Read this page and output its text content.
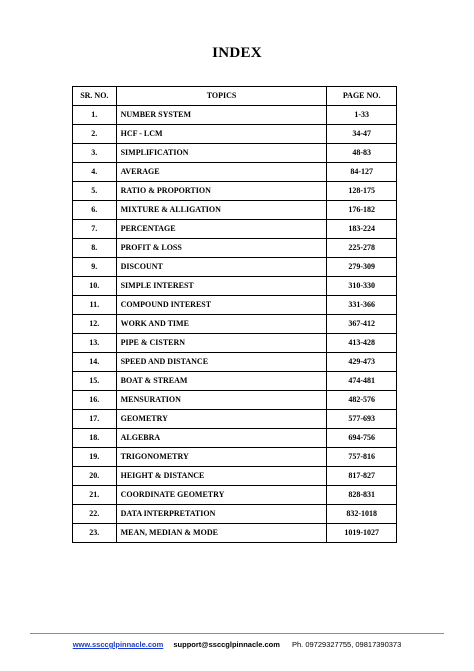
INDEX
SR. NO.	TOPICS	PAGE NO.
1.	NUMBER SYSTEM	1-33
2.	HCF - LCM	34-47
3.	SIMPLIFICATION	48-83
4.	AVERAGE	84-127
5.	RATIO & PROPORTION	128-175
6.	MIXTURE & ALLIGATION	176-182
7.	PERCENTAGE	183-224
8.	PROFIT & LOSS	225-278
9.	DISCOUNT	279-309
10.	SIMPLE INTEREST	310-330
11.	COMPOUND INTEREST	331-366
12.	WORK AND TIME	367-412
13.	PIPE & CISTERN	413-428
14.	SPEED AND DISTANCE	429-473
15.	BOAT & STREAM	474-481
16.	MENSURATION	482-576
17.	GEOMETRY	577-693
18.	ALGEBRA	694-756
19.	TRIGONOMETRY	757-816
20.	HEIGHT & DISTANCE	817-827
21.	COORDINATE GEOMETRY	828-831
22.	DATA INTERPRETATION	832-1018
23.	MEAN, MEDIAN & MODE	1019-1027
www.ssccglpinnacle.com support@ssccglpinnacle.com Ph. 09729327755, 09817390373
